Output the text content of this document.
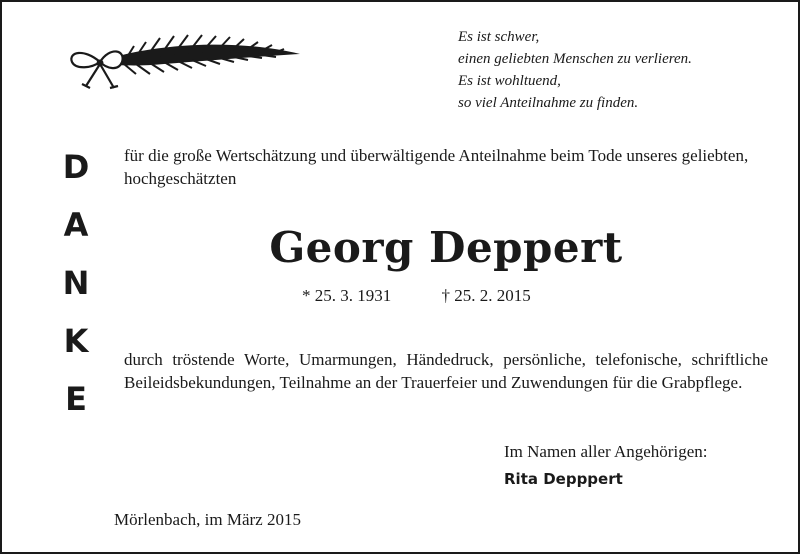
Es ist schwer,
einen geliebten Menschen zu verlieren.
Es ist wohltuend,
so viel Anteilnahme zu finden.
D
A
N
K
E
für die große Wertschätzung und überwältigende Anteilnahme beim Tode unseres geliebten, hochgeschätzten
Georg Deppert
* 25. 3. 1931	† 25. 2. 2015
durch tröstende Worte, Umarmungen, Händedruck, persönliche, telefonische, schriftliche Beileidsbekundungen, Teilnahme an der Trauerfeier und Zuwendungen für die Grabpflege.
Im Namen aller Angehörigen:
Rita Depppert
Mörlenbach, im März 2015
